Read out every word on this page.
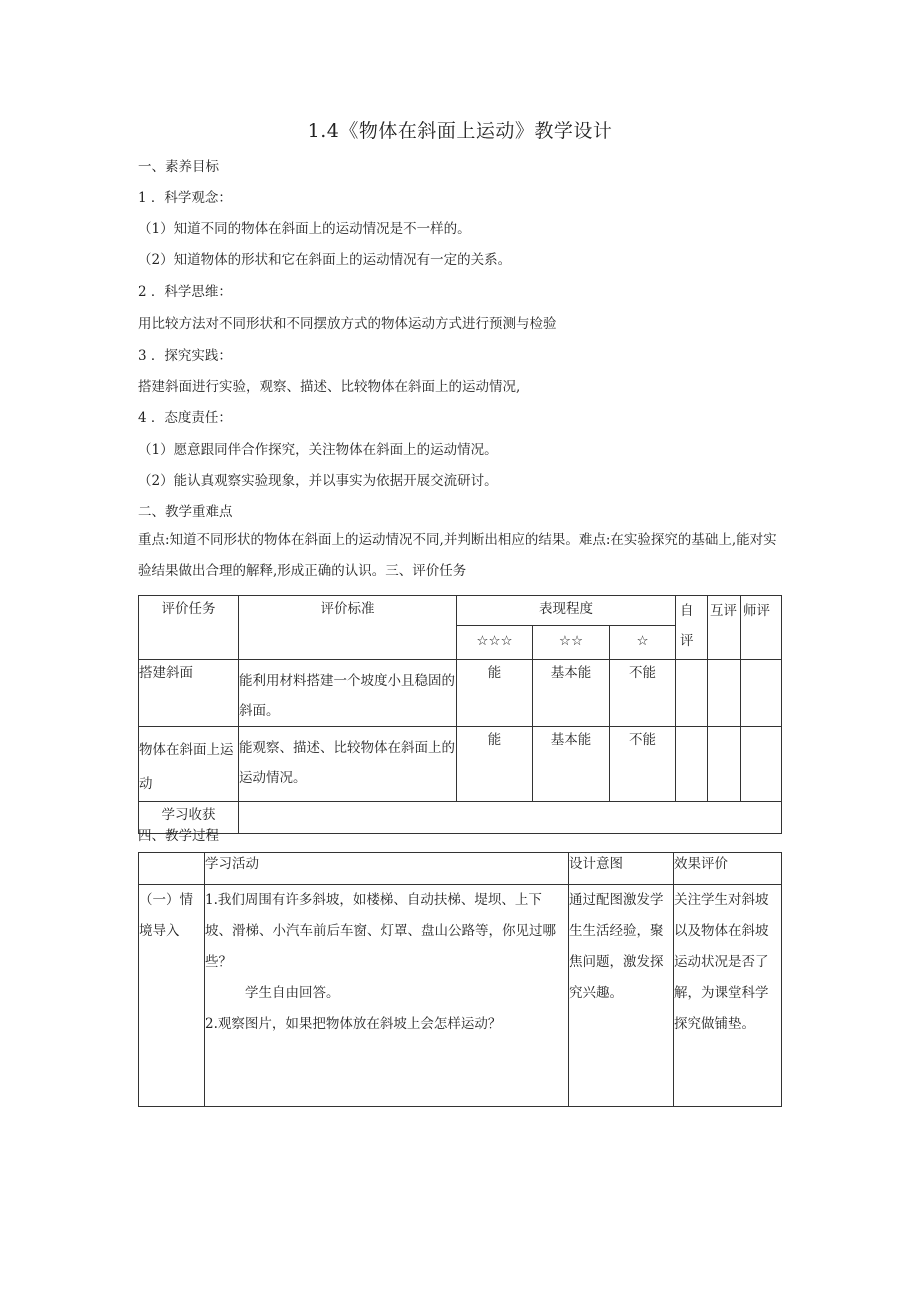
1.4《物体在斜面上运动》教学设计
一、素养目标
1 ．科学观念：
（1）知道不同的物体在斜面上的运动情况是不一样的。
（2）知道物体的形状和它在斜面上的运动情况有一定的关系。
2 ．科学思维：
用比较方法对不同形状和不同摆放方式的物体运动方式进行预测与检验
3 ．探究实践：
搭建斜面进行实验，观察、描述、比较物体在斜面上的运动情况,
4 ．态度责任：
（1）愿意跟同伴合作探究，关注物体在斜面上的运动情况。
（2）能认真观察实验现象，并以事实为依据开展交流研讨。
二、教学重难点
重点:知道不同形状的物体在斜面上的运动情况不同,并判断出相应的结果。难点:在实验探究的基础上,能对实验结果做出合理的解释,形成正确的认识。三、评价任务
评价任务	评价标准	表现程度			自评	互评	师评

		☆☆☆	☆☆	☆			

搭建斜面	能利用材料搭建一个坡度小且稳固的斜面。	能	基本能	不能			

物体在斜面上运动	能观察、描述、比较物体在斜面上的运动情况。	能	基本能	不能			

学习收获							

四、教学过程

	学习活动	设计意图	效果评价

（一）情境导入	1.我们周围有许多斜坡，如楼梯、自动扶梯、堤坝、上下坡、滑梯、小汽车前后车窗、灯罩、盘山公路等，你见过哪些？
学生自由回答。
2.观察图片，如果把物体放在斜坡上会怎样运动？	通过配图激发学生生活经验，聚焦问题，激发探究兴趣。	关注学生对斜坡以及物体在斜坡运动状况是否了解，为课堂科学探究做铺垫。
